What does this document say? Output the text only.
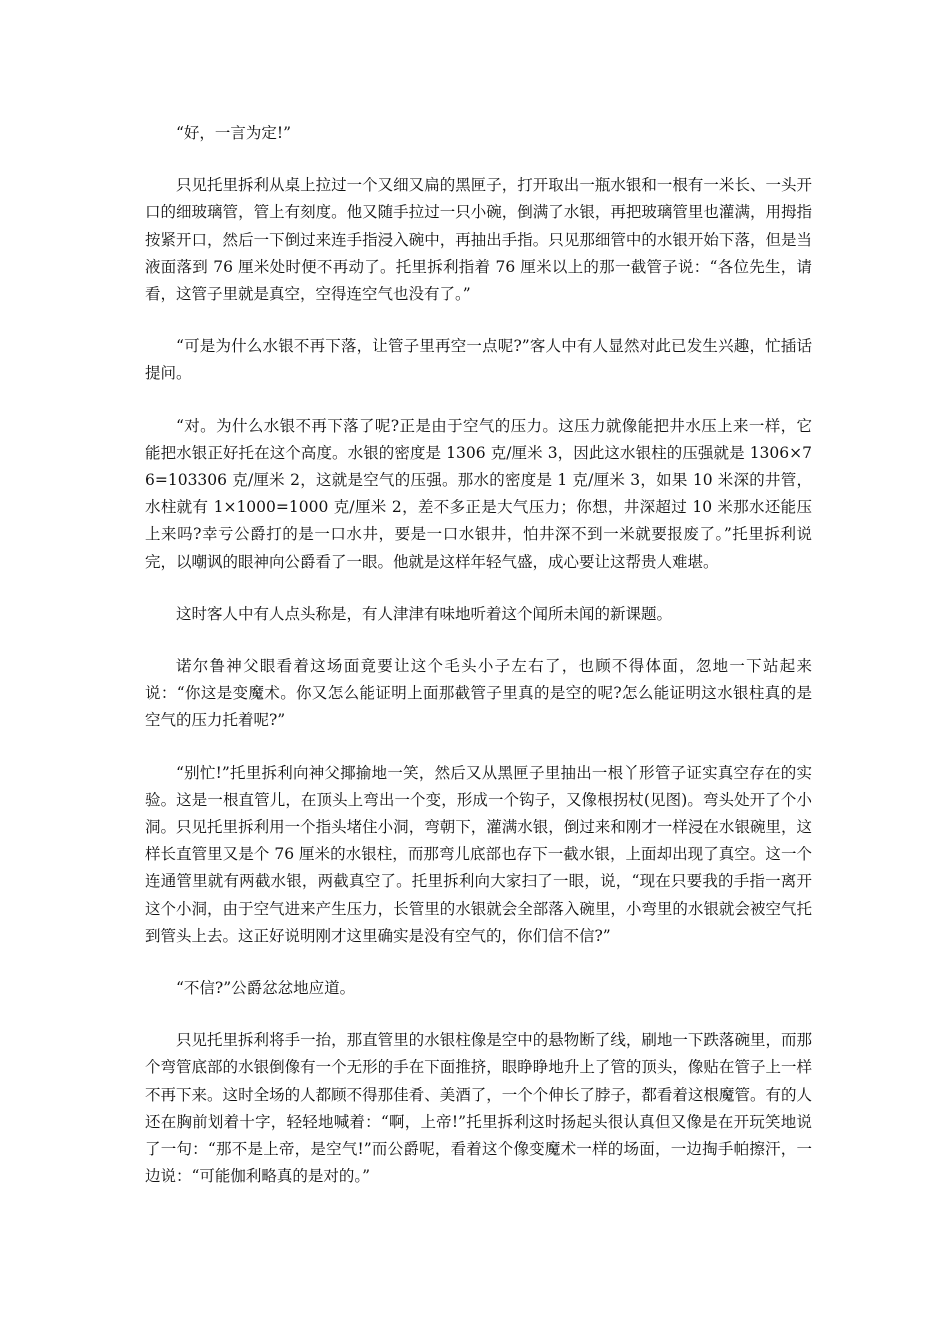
“好，一言为定!”

只见托里拆利从桌上拉过一个又细又扁的黑匣子，打开取出一瓶水银和一根有一米长、一头开口的细玻璃管，管上有刻度。他又随手拉过一只小碗，倒满了水银，再把玻璃管里也灌满，用拇指按紧开口，然后一下倒过来连手指浸入碗中，再抽出手指。只见那细管中的水银开始下落，但是当液面落到 76 厘米处时便不再动了。托里拆利指着 76 厘米以上的那一截管子说：“各位先生，请看，这管子里就是真空，空得连空气也没有了。”

“可是为什么水银不再下落，让管子里再空一点呢?”客人中有人显然对此已发生兴趣，忙插话提问。

“对。为什么水银不再下落了呢?正是由于空气的压力。这压力就像能把井水压上来一样，它能把水银正好托在这个高度。水银的密度是 1306 克/厘米 3，因此这水银柱的压强就是 1306×76=103306 克/厘米 2，这就是空气的压强。那水的密度是 1 克/厘米 3，如果 10 米深的井管，水柱就有 1×1000=1000 克/厘米 2，差不多正是大气压力；你想，井深超过 10 米那水还能压上来吗?幸亏公爵打的是一口水井，要是一口水银井，怕井深不到一米就要报废了。”托里拆利说完，以嘲讽的眼神向公爵看了一眼。他就是这样年轻气盛，成心要让这帮贵人难堪。

这时客人中有人点头称是，有人津津有味地听着这个闻所未闻的新课题。

诺尔鲁神父眼看着这场面竟要让这个毛头小子左右了，也顾不得体面，忽地一下站起来说：“你这是变魔术。你又怎么能证明上面那截管子里真的是空的呢?怎么能证明这水银柱真的是空气的压力托着呢?”

“别忙!”托里拆利向神父揶揄地一笑，然后又从黑匣子里抽出一根丫形管子证实真空存在的实验。这是一根直管儿，在顶头上弯出一个变，形成一个钩子，又像根拐杖(见图)。弯头处开了个小洞。只见托里拆利用一个指头堵住小洞，弯朝下，灌满水银，倒过来和刚才一样浸在水银碗里，这样长直管里又是个 76 厘米的水银柱，而那弯儿底部也存下一截水银，上面却出现了真空。这一个连通管里就有两截水银，两截真空了。托里拆利向大家扫了一眼，说，“现在只要我的手指一离开这个小洞，由于空气进来产生压力，长管里的水银就会全部落入碗里，小弯里的水银就会被空气托到管头上去。这正好说明刚才这里确实是没有空气的，你们信不信?”

“不信?”公爵忿忿地应道。

只见托里拆利将手一抬，那直管里的水银柱像是空中的悬物断了线，刷地一下跌落碗里，而那个弯管底部的水银倒像有一个无形的手在下面推挤，眼睁睁地升上了管的顶头，像贴在管子上一样不再下来。这时全场的人都顾不得那佳肴、美酒了，一个个伸长了脖子，都看着这根魔管。有的人还在胸前划着十字，轻轻地喊着：“啊，上帝!”托里拆利这时扬起头很认真但又像是在开玩笑地说了一句：“那不是上帝，是空气!”而公爵呢，看着这个像变魔术一样的场面，一边掏手帕擦汗，一边说：“可能伽利略真的是对的。”
